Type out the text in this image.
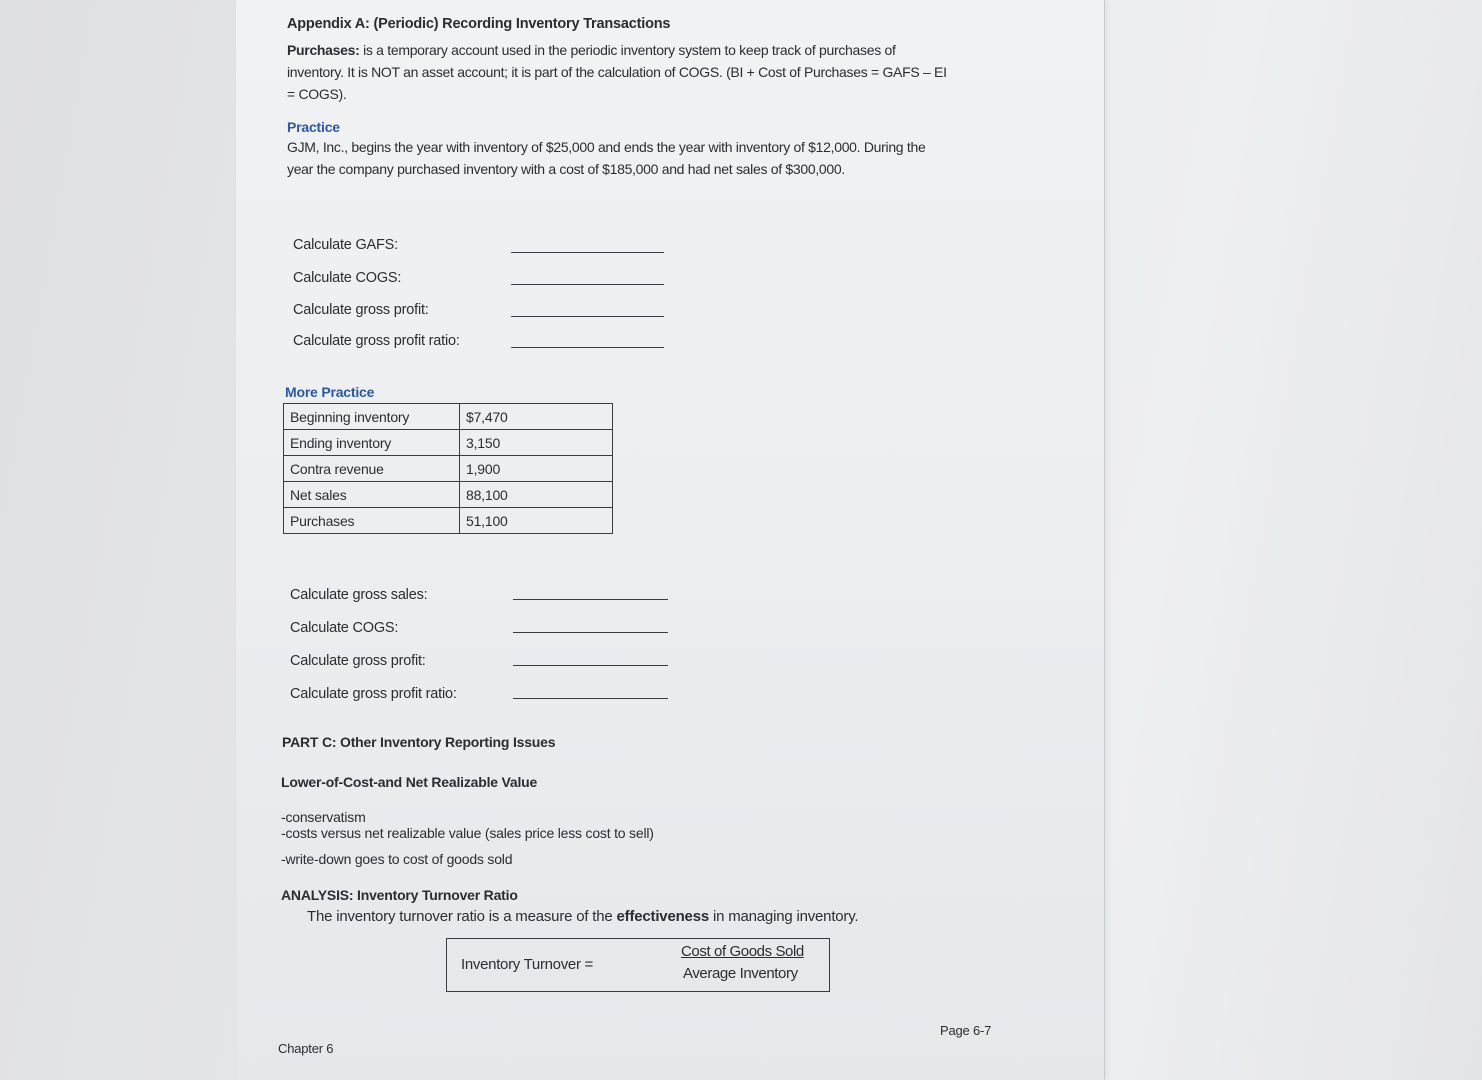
Appendix A: (Periodic) Recording Inventory Transactions
Purchases: is a temporary account used in the periodic inventory system to keep track of purchases of inventory. It is NOT an asset account; it is part of the calculation of COGS. (BI + Cost of Purchases = GAFS – EI = COGS).
Practice
GJM, Inc., begins the year with inventory of $25,000 and ends the year with inventory of $12,000. During the year the company purchased inventory with a cost of $185,000 and had net sales of $300,000.
Calculate GAFS:
Calculate COGS:
Calculate gross profit:
Calculate gross profit ratio:
More Practice
Beginning inventory	$7,470
Ending inventory	3,150
Contra revenue	1,900
Net sales	88,100
Purchases	51,100
Calculate gross sales:
Calculate COGS:
Calculate gross profit:
Calculate gross profit ratio:
PART C: Other Inventory Reporting Issues
Lower-of-Cost-and Net Realizable Value
-conservatism
-costs versus net realizable value (sales price less cost to sell)
-write-down goes to cost of goods sold
ANALYSIS: Inventory Turnover Ratio
The inventory turnover ratio is a measure of the effectiveness in managing inventory.
Inventory Turnover =
Cost of Goods Sold
Average Inventory
Chapter 6
Page 6-7
